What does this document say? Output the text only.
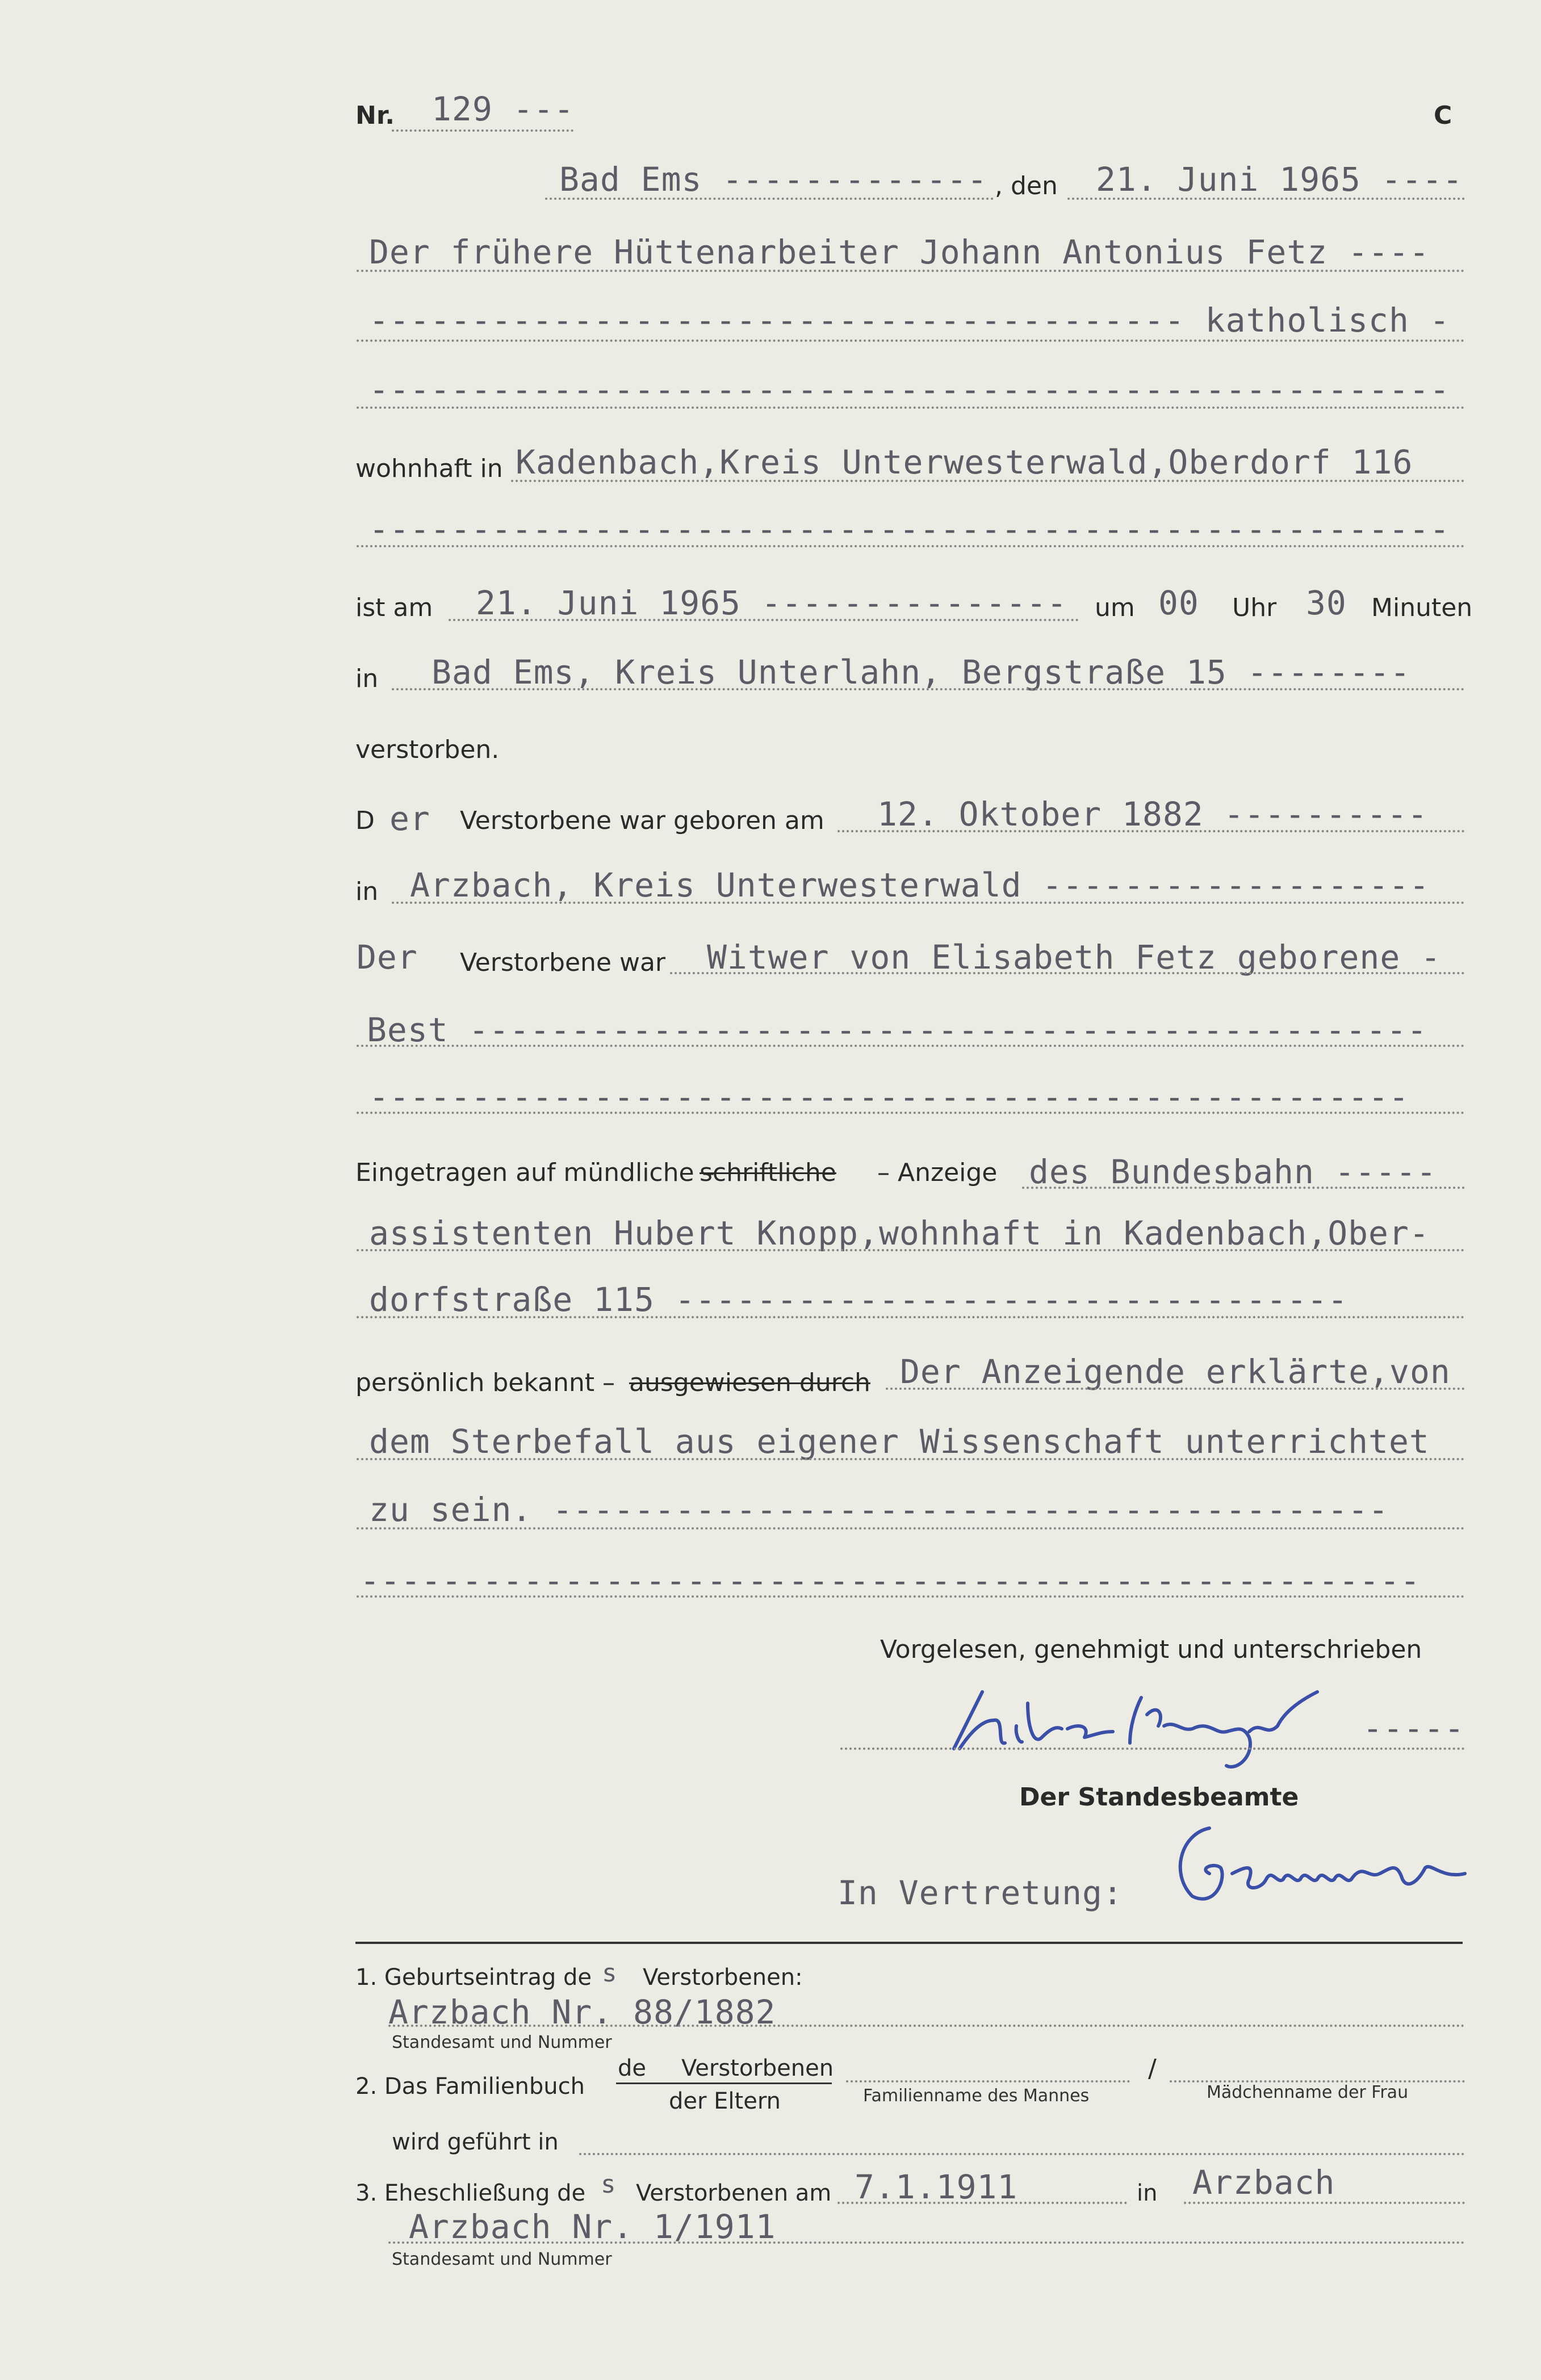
Nr. 129 ---	C
Bad Ems ------------- , den 21. Juni 1965 ----
Der frühere Hüttenarbeiter Johann Antonius Fetz ----
---------------------------------------- katholisch -
-----------------------------------------------------
wohnhaft in Kadenbach,Kreis Unterwesterwald,Oberdorf 116
-----------------------------------------------------
ist am 21. Juni 1965 --------------- um 00 Uhr 30 Minuten
in Bad Ems, Kreis Unterlahn, Bergstraße 15 --------
verstorben.
D er Verstorbene war geboren am 12. Oktober 1882 ----------
in Arzbach, Kreis Unterwesterwald -------------------
Der Verstorbene war Witwer von Elisabeth Fetz geborene -
Best -----------------------------------------------
---------------------------------------------------
Eingetragen auf mündliche –
schriftliche – Anzeige des Bundesbahn -----
assistenten Hubert Knopp,wohnhaft in Kadenbach,Ober-
dorfstraße 115 ---------------------------------
persönlich bekannt – ausgewiesen durch Der Anzeigende erklärte,von
dem Sterbefall aus eigener Wissenschaft unterrichtet
zu sein. -----------------------------------------
----------------------------------------------------
Vorgelesen, genehmigt und unterschrieben
-----
Der Standesbeamte
In Vertretung:
1. Geburtseintrag de s Verstorbenen:
Arzbach Nr. 88/1882
Standesamt und Nummer
2. Das Familienbuch
de Verstorbenen
der Eltern
/
Familienname des Mannes	Mädchenname der Frau
wird geführt in
3. Eheschließung de s Verstorbenen am 7.1.1911	in Arzbach
Arzbach Nr. 1/1911
Standesamt und Nummer
